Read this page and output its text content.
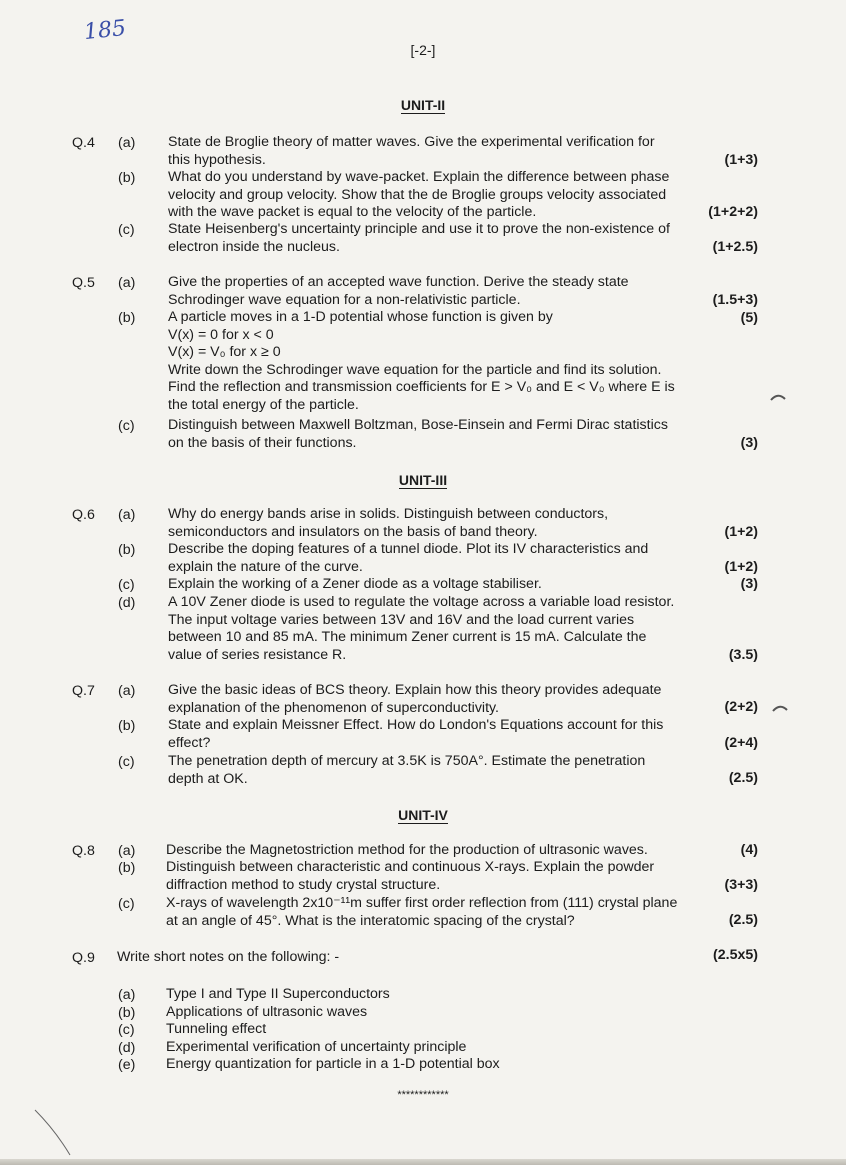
185
[-2-]
UNIT-II
Q.4 (a) State de Broglie theory of matter waves. Give the experimental verification for
this hypothesis.	(1+3)
(b) What do you understand by wave-packet. Explain the difference between phase
velocity and group velocity. Show that the de Broglie groups velocity associated
with the wave packet is equal to the velocity of the particle.	(1+2+2)
(c) State Heisenberg's uncertainty principle and use it to prove the non-existence of
electron inside the nucleus.	(1+2.5)
Q.5 (a) Give the properties of an accepted wave function. Derive the steady state
Schrodinger wave equation for a non-relativistic particle.	(1.5+3)
(b) A particle moves in a 1-D potential whose function is given by
V(x) = 0 for x < 0
V(x) = V₀ for x ≥ 0
Write down the Schrodinger wave equation for the particle and find its solution.
Find the reflection and transmission coefficients for E > V₀ and E < V₀ where E is
the total energy of the particle.
(5)
(c) Distinguish between Maxwell Boltzman, Bose-Einsein and Fermi Dirac statistics
on the basis of their functions.	(3)
UNIT-III
Q.6 (a) Why do energy bands arise in solids. Distinguish between conductors,
semiconductors and insulators on the basis of band theory.	(1+2)
(b) Describe the doping features of a tunnel diode. Plot its IV characteristics and
explain the nature of the curve.	(1+2)
(c) Explain the working of a Zener diode as a voltage stabiliser.	(3)
(d) A 10V Zener diode is used to regulate the voltage across a variable load resistor.
The input voltage varies between 13V and 16V and the load current varies
between 10 and 85 mA. The minimum Zener current is 15 mA. Calculate the
value of series resistance R.	(3.5)
Q.7 (a) Give the basic ideas of BCS theory. Explain how this theory provides adequate
explanation of the phenomenon of superconductivity.	(2+2)
(b) State and explain Meissner Effect. How do London's Equations account for this
effect?	(2+4)
(c) The penetration depth of mercury at 3.5K is 750A°. Estimate the penetration
depth at OK.	(2.5)
UNIT-IV
Q.8 (a) Describe the Magnetostriction method for the production of ultrasonic waves.	(4)
(b) Distinguish between characteristic and continuous X-rays. Explain the powder
diffraction method to study crystal structure.	(3+3)
(c) X-rays of wavelength 2x10⁻¹¹m suffer first order reflection from (111) crystal plane
at an angle of 45°. What is the interatomic spacing of the crystal?	(2.5)
Q.9 Write short notes on the following: -	(2.5x5)
(a) Type I and Type II Superconductors
(b) Applications of ultrasonic waves
(c) Tunneling effect
(d) Experimental verification of uncertainty principle
(e) Energy quantization for particle in a 1-D potential box
************
